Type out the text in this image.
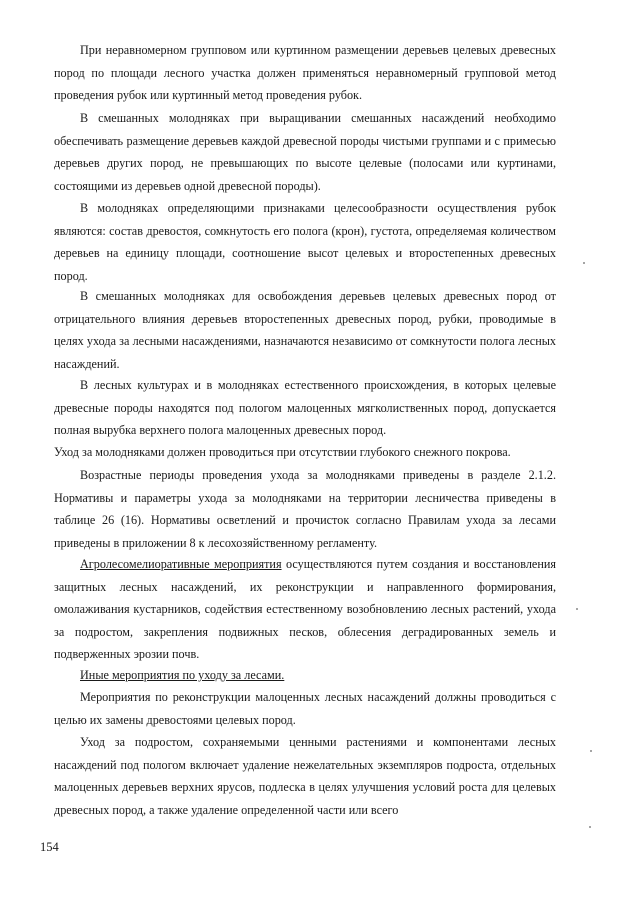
При неравномерном групповом или куртинном размещении деревьев целевых древесных пород по площади лесного участка должен применяться неравномерный групповой метод проведения рубок или куртинный метод проведения рубок.

В смешанных молодняках при выращивании смешанных насаждений необходимо обеспечивать размещение деревьев каждой древесной породы чистыми группами и с примесью деревьев других пород, не превышающих по высоте целевые (полосами или куртинами, состоящими из деревьев одной древесной породы).

В молодняках определяющими признаками целесообразности осуществления рубок являются: состав древостоя, сомкнутость его полога (крон), густота, определяемая количеством деревьев на единицу площади, соотношение высот целевых и второстепенных древесных пород.

В смешанных молодняках для освобождения деревьев целевых древесных пород от отрицательного влияния деревьев второстепенных древесных пород, рубки, проводимые в целях ухода за лесными насаждениями, назначаются независимо от сомкнутости полога лесных насаждений.

В лесных культурах и в молодняках естественного происхождения, в которых целевые древесные породы находятся под пологом малоценных мягколиственных пород, допускается полная вырубка верхнего полога малоценных древесных пород.

Уход за молодняками должен проводиться при отсутствии глубокого снежного покрова.

Возрастные периоды проведения ухода за молодняками приведены в разделе 2.1.2. Нормативы и параметры ухода за молодняками на территории лесничества приведены в таблице 26 (16). Нормативы осветлений и прочисток согласно Правилам ухода за лесами приведены в приложении 8 к лесохозяйственному регламенту.

Агролесомелиоративные мероприятия осуществляются путем создания и восстановления защитных лесных насаждений, их реконструкции и направленного формирования, омолаживания кустарников, содействия естественному возобновлению лесных растений, ухода за подростом, закрепления подвижных песков, облесения деградированных земель и подверженных эрозии почв.

Иные мероприятия по уходу за лесами.

Мероприятия по реконструкции малоценных лесных насаждений должны проводиться с целью их замены древостоями целевых пород.

Уход за подростом, сохраняемыми ценными растениями и компонентами лесных насаждений под пологом включает удаление нежелательных экземпляров подроста, отдельных малоценных деревьев верхних ярусов, подлеска в целях улучшения условий роста для целевых древесных пород, а также удаление определенной части или всего

154
